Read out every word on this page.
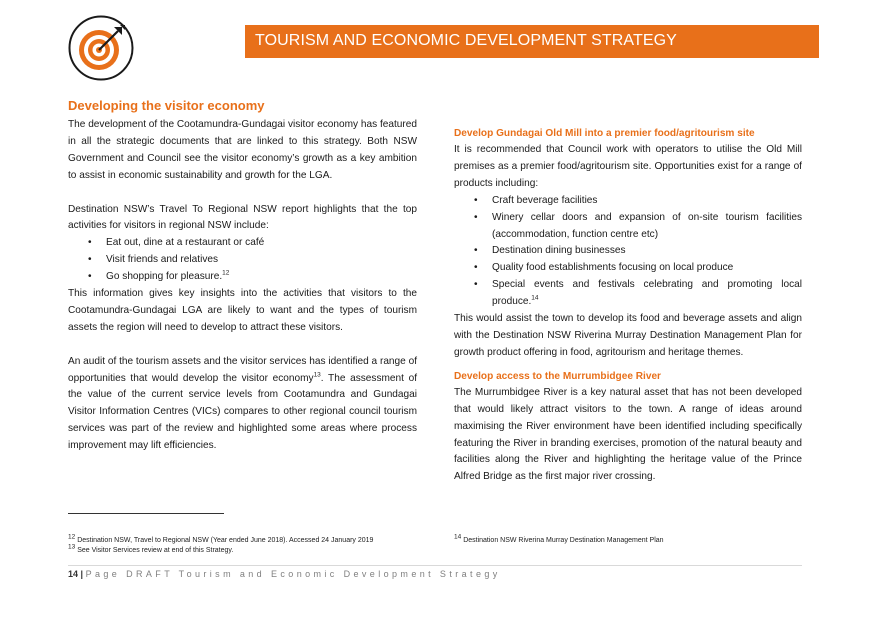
TOURISM AND ECONOMIC DEVELOPMENT STRATEGY
Developing the visitor economy

The development of the Cootamundra-Gundagai visitor economy has featured in all the strategic documents that are linked to this strategy. Both NSW Government and Council see the visitor economy’s growth as a key ambition to assist in economic sustainability and growth for the LGA.

Destination NSW’s Travel To Regional NSW report highlights that the top activities for visitors in regional NSW include:

• Eat out, dine at a restaurant or café
• Visit friends and relatives
• Go shopping for pleasure.$^{12}$

This information gives key insights into the activities that visitors to the Cootamundra-Gundagai LGA are likely to want and the types of tourism assets the region will need to develop to attract these visitors.

An audit of the tourism assets and the visitor services has identified a range of opportunities that would develop the visitor economy$^{13}$. The assessment of the value of the current service levels from Cootamundra and Gundagai Visitor Information Centres (VICs) compares to other regional council tourism services was part of the review and highlighted some areas where process improvement may lift efficiencies.

Develop Gundagai Old Mill into a premier food/agritourism site

It is recommended that Council work with operators to utilise the Old Mill premises as a premier food/agritourism site. Opportunities exist for a range of products including:

• Craft beverage facilities
• Winery cellar doors and expansion of on-site tourism facilities (accommodation, function centre etc)
• Destination dining businesses
• Quality food establishments focusing on local produce
• Special events and festivals celebrating and promoting local produce.$^{14}$

This would assist the town to develop its food and beverage assets and align with the Destination NSW Riverina Murray Destination Management Plan for growth product offering in food, agritourism and heritage themes.

Develop access to the Murrumbidgee River

The Murrumbidgee River is a key natural asset that has not been developed that would likely attract visitors to the town. A range of ideas around maximising the River environment have been identified including specifically featuring the River in branding exercises, promotion of the natural beauty and facilities along the River and highlighting the heritage value of the Prince Alfred Bridge as the first major river crossing.

$^{12}$ Destination NSW, Travel to Regional NSW (Year ended June 2018). Accessed 24 January 2019
$^{13}$ See Visitor Services review at end of this Strategy.
$^{14}$ Destination NSW Riverina Murray Destination Management Plan
14 | Page DRAFT Tourism and Economic Development Strategy
